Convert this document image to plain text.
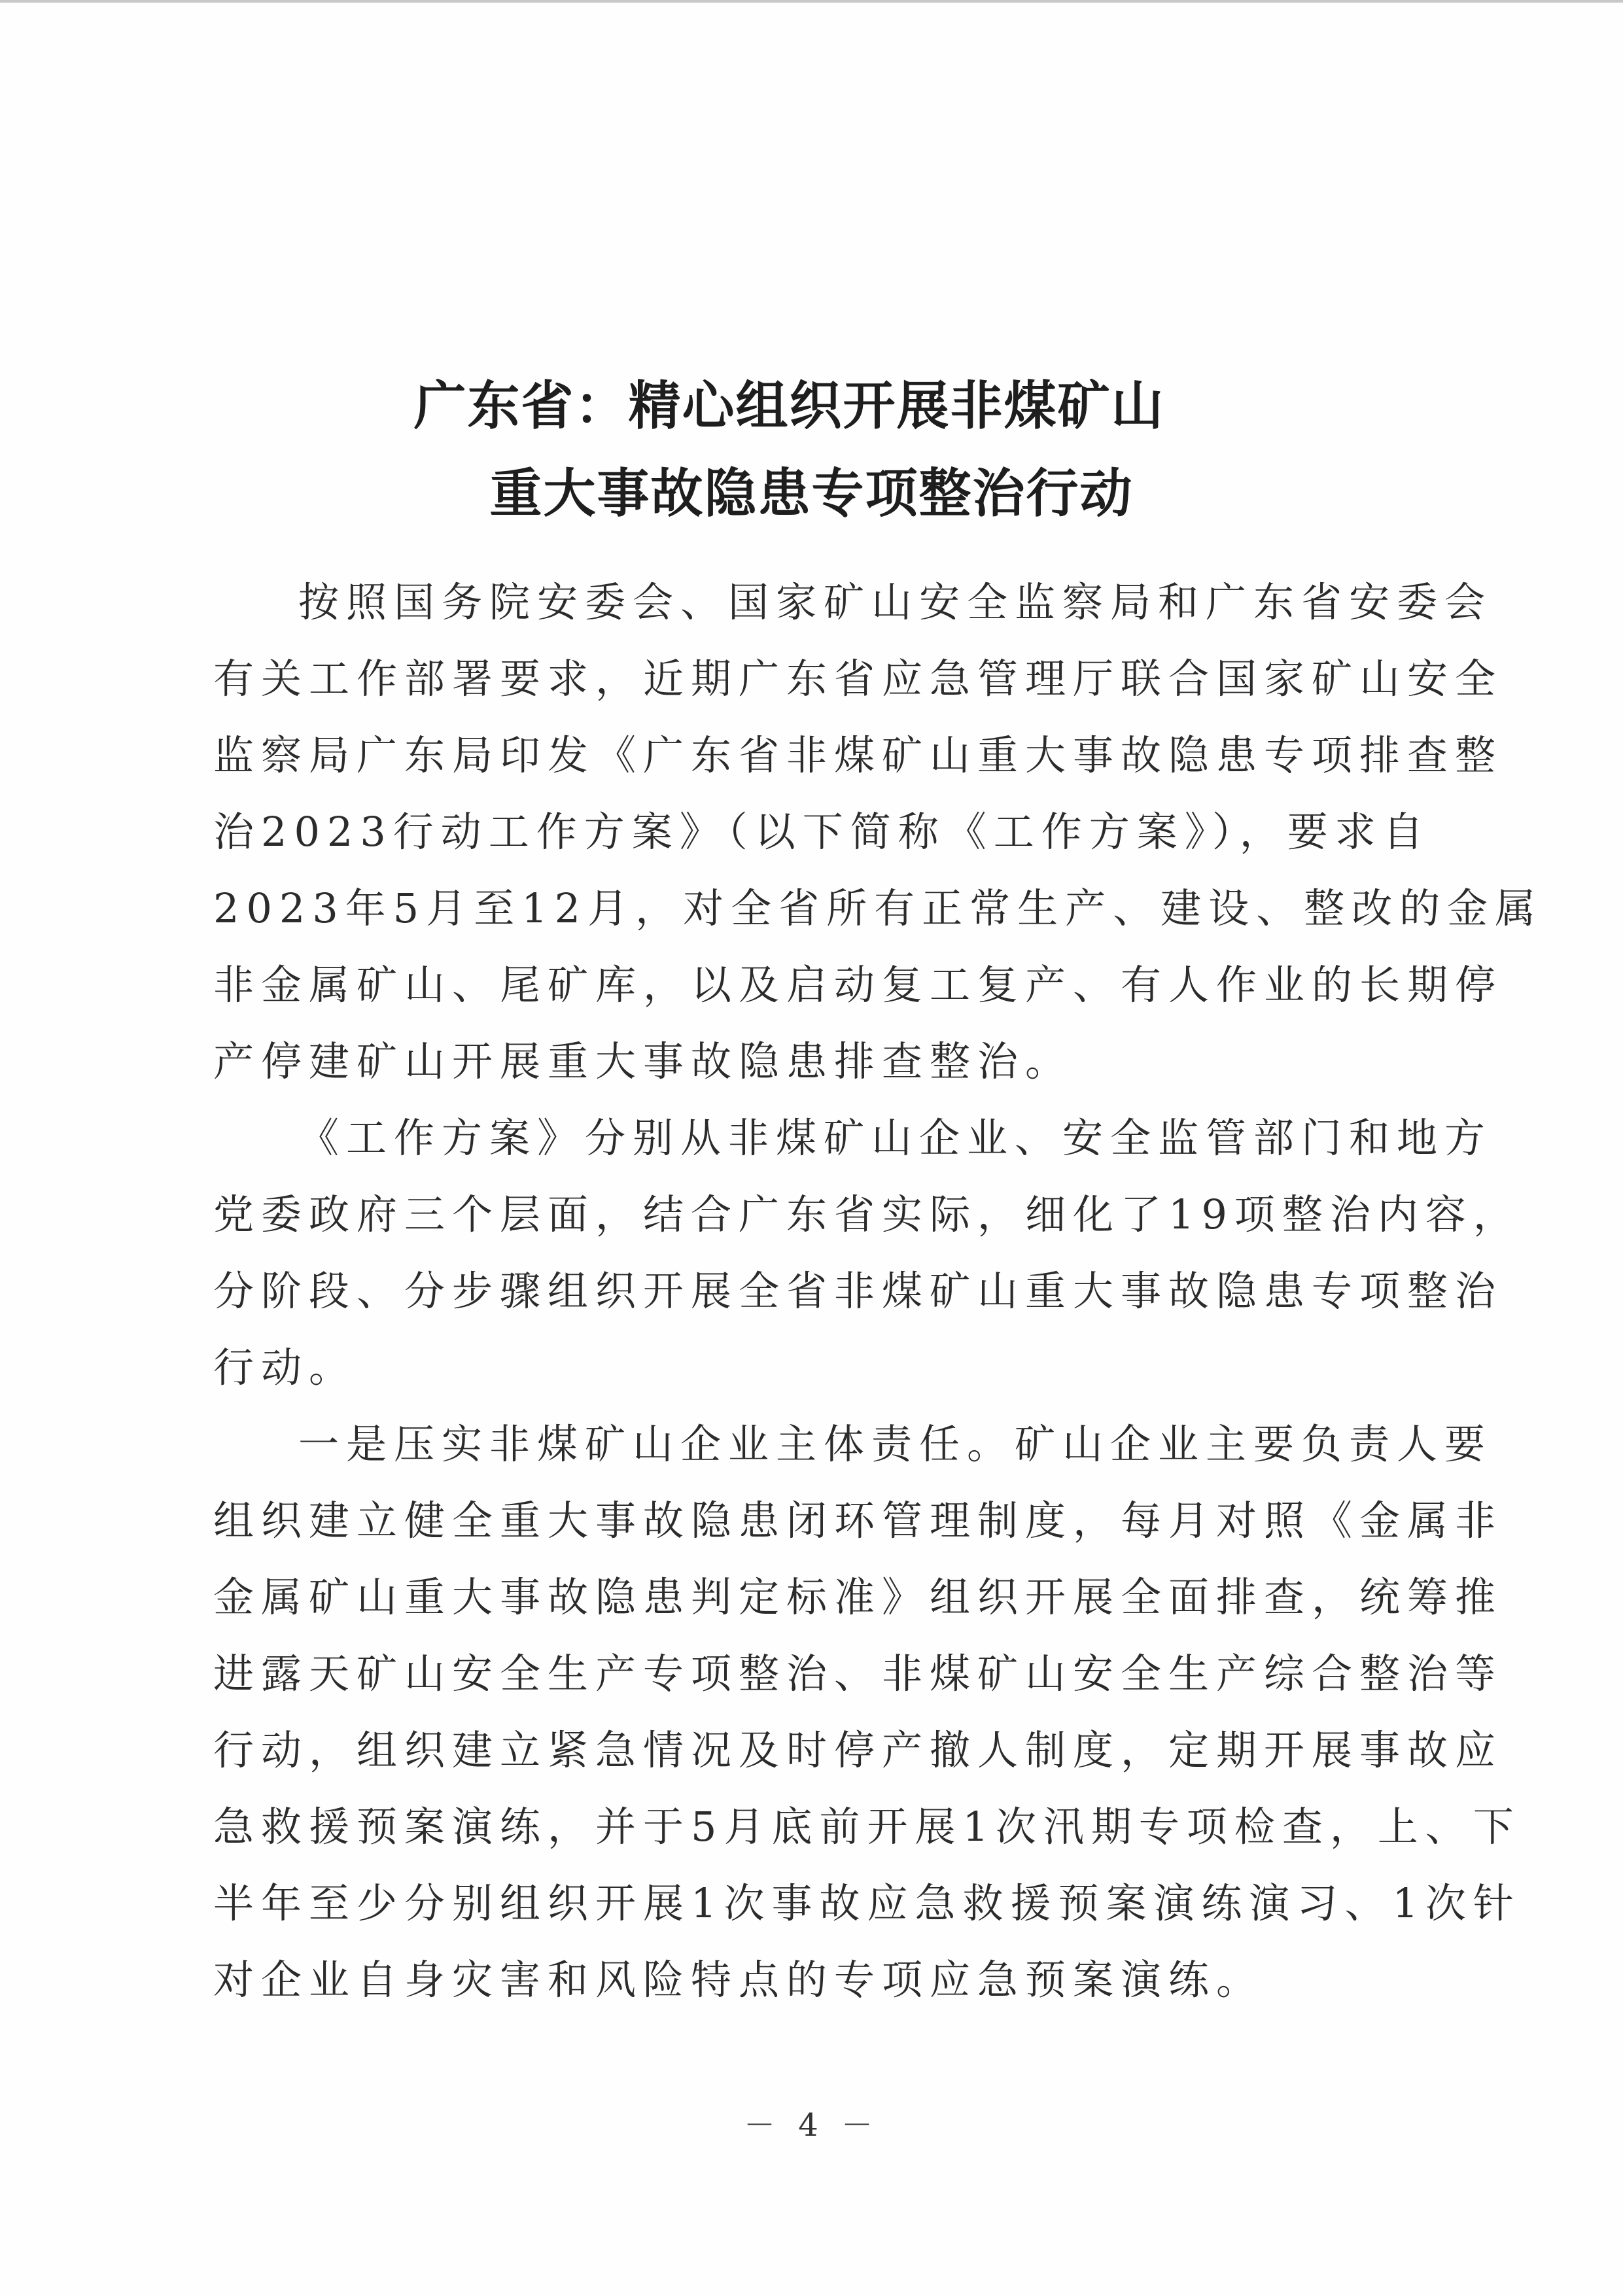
广东省：精心组织开展非煤矿山
重大事故隐患专项整治行动

按照国务院安委会、国家矿山安全监察局和广东省安委会
有关工作部署要求，近期广东省应急管理厅联合国家矿山安全
监察局广东局印发《广东省非煤矿山重大事故隐患专项排查整
治2023行动工作方案》（以下简称《工作方案》），要求自
2023年5月至12月，对全省所有正常生产、建设、整改的金属
非金属矿山、尾矿库，以及启动复工复产、有人作业的长期停
产停建矿山开展重大事故隐患排查整治。

《工作方案》分别从非煤矿山企业、安全监管部门和地方
党委政府三个层面，结合广东省实际，细化了19项整治内容，
分阶段、分步骤组织开展全省非煤矿山重大事故隐患专项整治
行动。

一是压实非煤矿山企业主体责任。矿山企业主要负责人要
组织建立健全重大事故隐患闭环管理制度，每月对照《金属非
金属矿山重大事故隐患判定标准》组织开展全面排查，统筹推
进露天矿山安全生产专项整治、非煤矿山安全生产综合整治等
行动，组织建立紧急情况及时停产撤人制度，定期开展事故应
急救援预案演练，并于5月底前开展1次汛期专项检查，上、下
半年至少分别组织开展1次事故应急救援预案演练演习、1次针
对企业自身灾害和风险特点的专项应急预案演练。

－ 4 －
